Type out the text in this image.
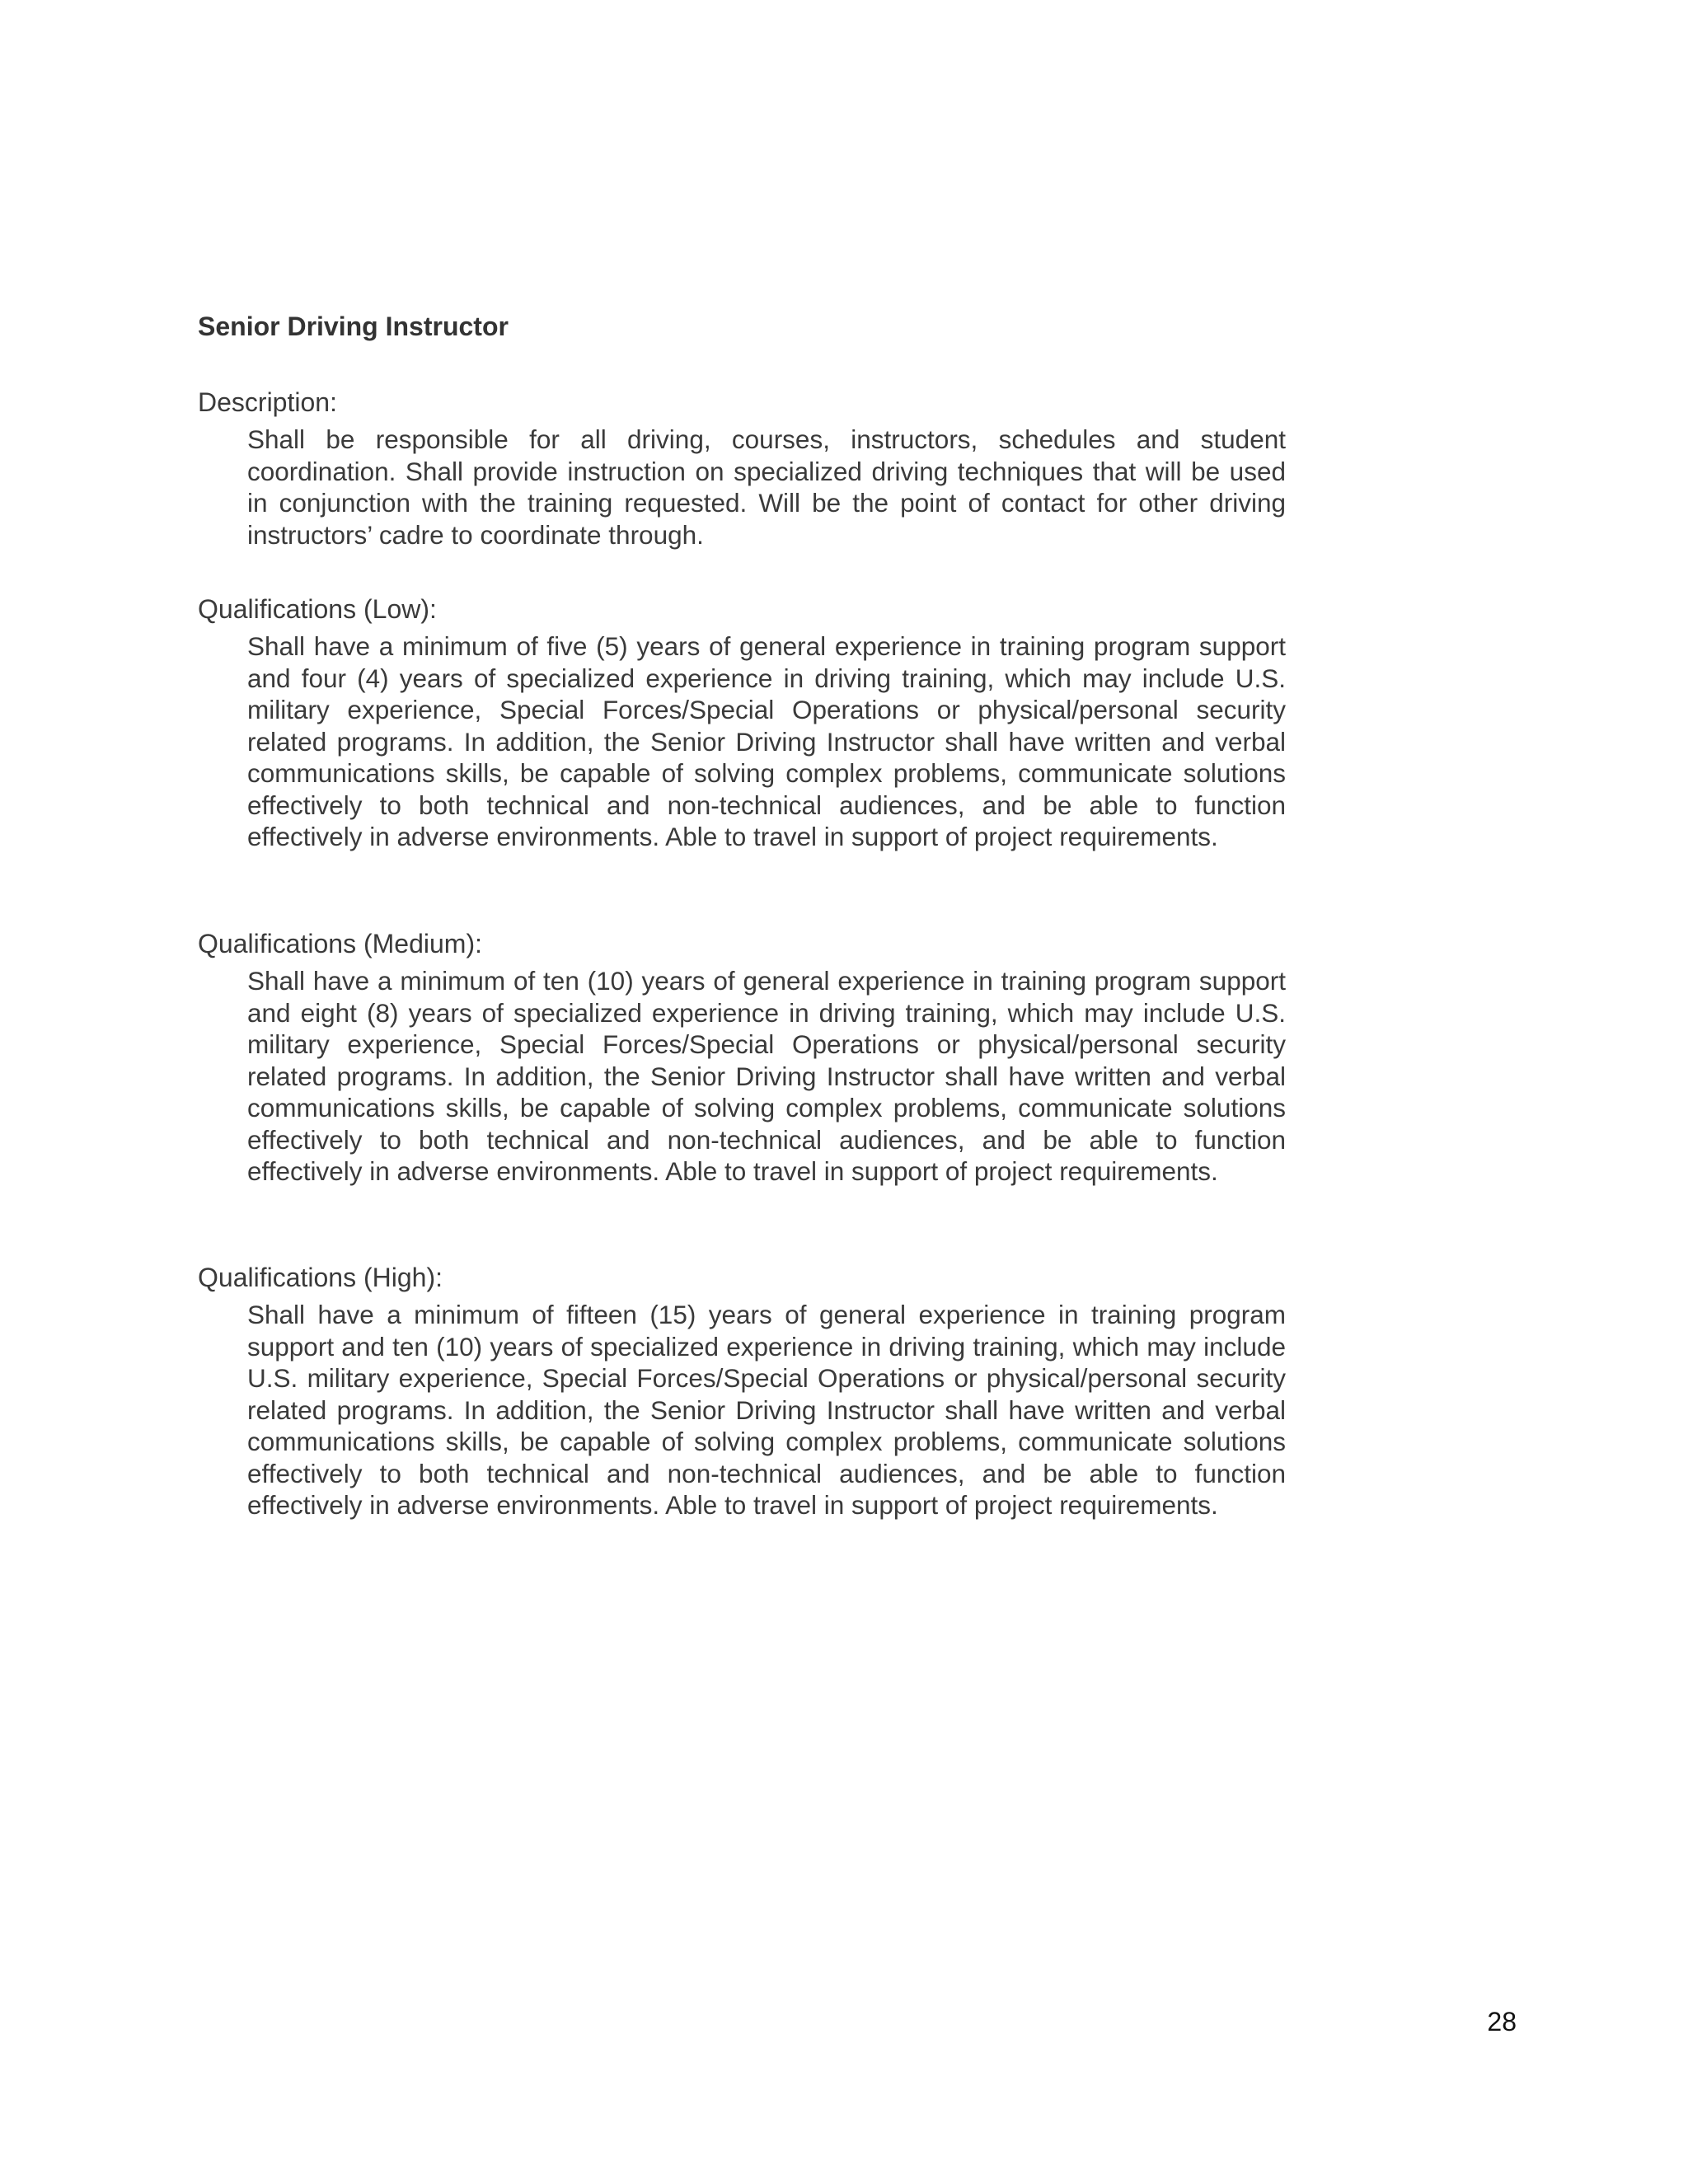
Senior Driving Instructor

Description:

Shall be responsible for all driving, courses, instructors, schedules and student coordination. Shall provide instruction on specialized driving techniques that will be used in conjunction with the training requested. Will be the point of contact for other driving instructors’ cadre to coordinate through.

Qualifications (Low):

Shall have a minimum of five (5) years of general experience in training program support and four (4) years of specialized experience in driving training, which may include U.S. military experience, Special Forces/Special Operations or physical/personal security related programs. In addition, the Senior Driving Instructor shall have written and verbal communications skills, be capable of solving complex problems, communicate solutions effectively to both technical and non-technical audiences, and be able to function effectively in adverse environments. Able to travel in support of project requirements.

Qualifications (Medium):

Shall have a minimum of ten (10) years of general experience in training program support and eight (8) years of specialized experience in driving training, which may include U.S. military experience, Special Forces/Special Operations or physical/personal security related programs. In addition, the Senior Driving Instructor shall have written and verbal communications skills, be capable of solving complex problems, communicate solutions effectively to both technical and non-technical audiences, and be able to function effectively in adverse environments. Able to travel in support of project requirements.

Qualifications (High):

Shall have a minimum of fifteen (15) years of general experience in training program support and ten (10) years of specialized experience in driving training, which may include U.S. military experience, Special Forces/Special Operations or physical/personal security related programs. In addition, the Senior Driving Instructor shall have written and verbal communications skills, be capable of solving complex problems, communicate solutions effectively to both technical and non-technical audiences, and be able to function effectively in adverse environments. Able to travel in support of project requirements.

28
